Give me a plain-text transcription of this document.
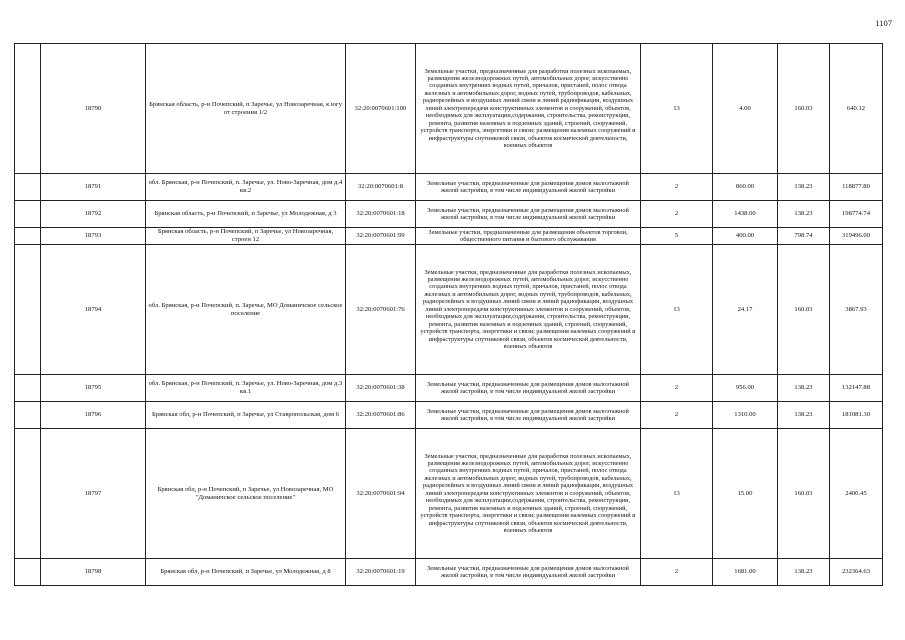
1107
	18790	Брянская область, р-н Почепский, п Заречье, ул Новозаречная, к югу от строения 1/2	32:20:0070601:100	Земельные участки, предназначенные для разработки полезных ископаемых, размещения железнодорожных путей, автомобильных дорог, искусственно созданных внутренних водных путей, причалов, пристаней, полос отвода железных и автомобильных дорог, водных путей, трубопроводов, кабельных, радиорелейных и воздушных линий связи и линий радиофикации, воздушных линий электропередачи конструктивных элементов и сооружений, объектов, необходимых для эксплуатации,содержания, строительства, реконструкции, ремонта, развития наземных и подземных зданий, строений, сооружений, устройств транспорта, энергетики и связи; размещения наземных сооружений и инфраструктуры спутниковой связи, объектов космической деятельности, военных объектов	13	4.00	160.03	640.12
	18791	обл. Брянская, р-н Почепский, п. Заречье, ул. Ново-Заречная, дом д.4 кв.2	32:20:0070601:8	Земельные участки, предназначенные для размещения домов малоэтажной жилой застройки, в том числе индивидуальной жилой застройки	2	860.00	138.23	118877.80
	18792	Брянская область, р-н Почепский, п Заречье, ул Молодежная, д 3	32:20:0070601:18	Земельные участки, предназначенные для размещения домов малоэтажной жилой застройки, в том числе индивидуальной жилой застройки	2	1438.00	138.23	198774.74
	18793	Брянская область, р-н Почепский, п Заречье, ул Новозаречная, строен 12	32:20:0070601:99	Земельные участки, предназначенные для размещения объектов торговли, общественного питания и бытового обслуживания	5	400.00	798.74	319496.00
	18794	обл. Брянская, р-н Почепский, п. Заречье, МО Доманичское сельское поселение	32:20:0070601:76	Земельные участки, предназначенные для разработки полезных ископаемых, размещения железнодорожных путей, автомобильных дорог, искусственно созданных внутренних водных путей, причалов, пристаней, полос отвода железных и автомобильных дорог, водных путей, трубопроводов, кабельных, радиорелейных и воздушных линий связи и линий радиофикации, воздушных линий электропередачи конструктивных элементов и сооружений, объектов, необходимых для эксплуатации,содержания, строительства, реконструкции, ремонта, развития наземных и подземных зданий, строений, сооружений, устройств транспорта, энергетики и связи; размещения наземных сооружений и инфраструктуры спутниковой связи, объектов космической деятельности, военных объектов	13	24.17	160.03	3867.93
	18795	обл. Брянская, р-н Почепский, п. Заречье, ул. Ново-Заречная, дом д.3 кв.1	32:20:0070601:38	Земельные участки, предназначенные для размещения домов малоэтажной жилой застройки, в том числе индивидуальной жилой застройки	2	956.00	138.23	132147.88
	18796	Брянская обл, р-н Почепский, п Заречье, ул Ставропольская, дом 6	32:20:0070601:86	Земельные участки, предназначенные для размещения домов малоэтажной жилой застройки, в том числе индивидуальной жилой застройки	2	1310.00	138.23	181081.30
	18797	Брянская обл, р-н Почепский, п Заречье, ул Новозаречная, МО "Доманичское сельское поселение"	32:20:0070601:94	Земельные участки, предназначенные для разработки полезных ископаемых, размещения железнодорожных путей, автомобильных дорог, искусственно созданных внутренних водных путей, причалов, пристаней, полос отвода железных и автомобильных дорог, водных путей, трубопроводов, кабельных, радиорелейных и воздушных линий связи и линий радиофикации, воздушных линий электропередачи конструктивных элементов и сооружений, объектов, необходимых для эксплуатации,содержания, строительства, реконструкции, ремонта, развития наземных и подземных зданий, строений, сооружений, устройств транспорта, энергетики и связи; размещения наземных сооружений и инфраструктуры спутниковой связи, объектов космической деятельности, военных объектов	13	15.00	160.03	2400.45
	18798	Брянская обл, р-н Почепский, п Заречье, ул Молодежная, д 8	32:20:0070601:19	Земельные участки, предназначенные для размещения домов малоэтажной жилой застройки, в том числе индивидуальной жилой застройки	2	1681.00	138.23	232364.63
